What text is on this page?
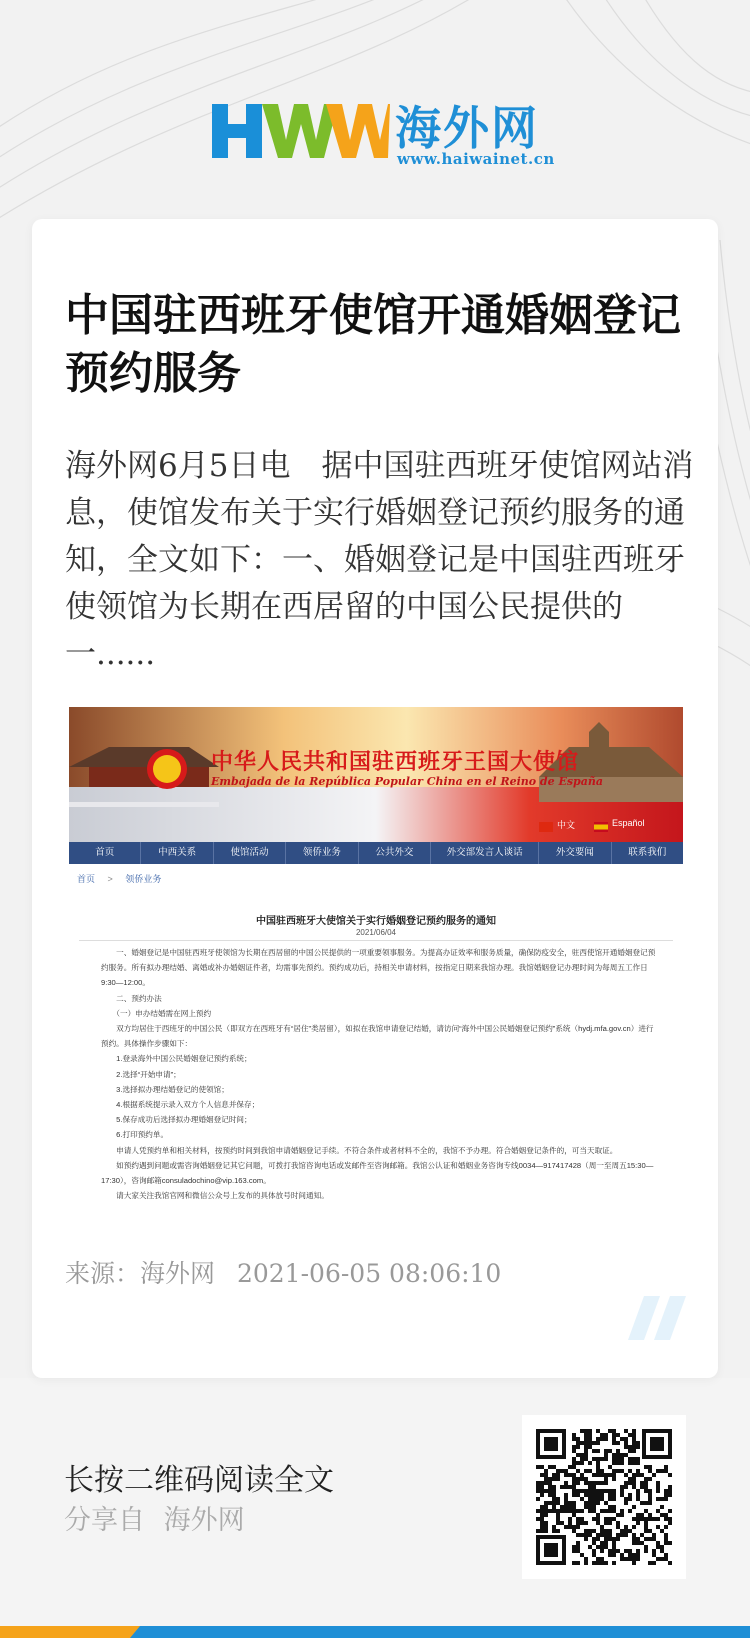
海外网
www.haiwainet.cn
中国驻西班牙使馆开通婚姻登记预约服务

海外网6月5日电　据中国驻西班牙使馆网站消息，使馆发布关于实行婚姻登记预约服务的通知，全文如下：一、婚姻登记是中国驻西班牙使领馆为长期在西居留的中国公民提供的一......

中华人民共和国驻西班牙王国大使馆
Embajada de la República Popular China en el Reino de España
中文	Español
首页	中西关系	使馆活动	领侨业务	公共外交	外交部发言人谈话	外交要闻	联系我们
首页 > 领侨业务
中国驻西班牙大使馆关于实行婚姻登记预约服务的通知
2021/06/04

　　一、婚姻登记是中国驻西班牙使领馆为长期在西居留的中国公民提供的一项重要领事服务。为提高办证效率和服务质量，确保防疫安全，驻西使馆开通婚姻登记预约服务。所有拟办理结婚、离婚或补办婚姻证件者，均需事先预约。预约成功后，持相关申请材料，按指定日期来我馆办理。我馆婚姻登记办理时间为每周五工作日9:30—12:00。

　　二、预约办法

　　（一）申办结婚需在网上预约

　　双方均居住于西班牙的中国公民（即双方在西班牙有“居住”类居留），如拟在我馆申请登记结婚，请访问“海外中国公民婚姻登记预约”系统（hydj.mfa.gov.cn）进行预约。具体操作步骤如下：

　　1.登录海外中国公民婚姻登记预约系统；

　　2.选择“开始申请”；

　　3.选择拟办理结婚登记的使领馆；

　　4.根据系统提示录入双方个人信息并保存；

　　5.保存成功后选择拟办理婚姻登记时间；

　　6.打印预约单。

　　申请人凭预约单和相关材料，按预约时间到我馆申请婚姻登记手续。不符合条件或者材料不全的，我馆不予办理。符合婚姻登记条件的，可当天取证。

　　如预约遇到问题或需咨询婚姻登记其它问题，可拨打我馆咨询电话或发邮件至咨询邮箱。我馆公认证和婚姻业务咨询专线0034—917417428（周一至周五15:30—17:30），咨询邮箱consuladochino@vip.163.com。

　　请大家关注我馆官网和微信公众号上发布的具体放号时间通知。

来源：海外网 2021-06-05 08:06:10
长按二维码阅读全文
分享自 海外网
